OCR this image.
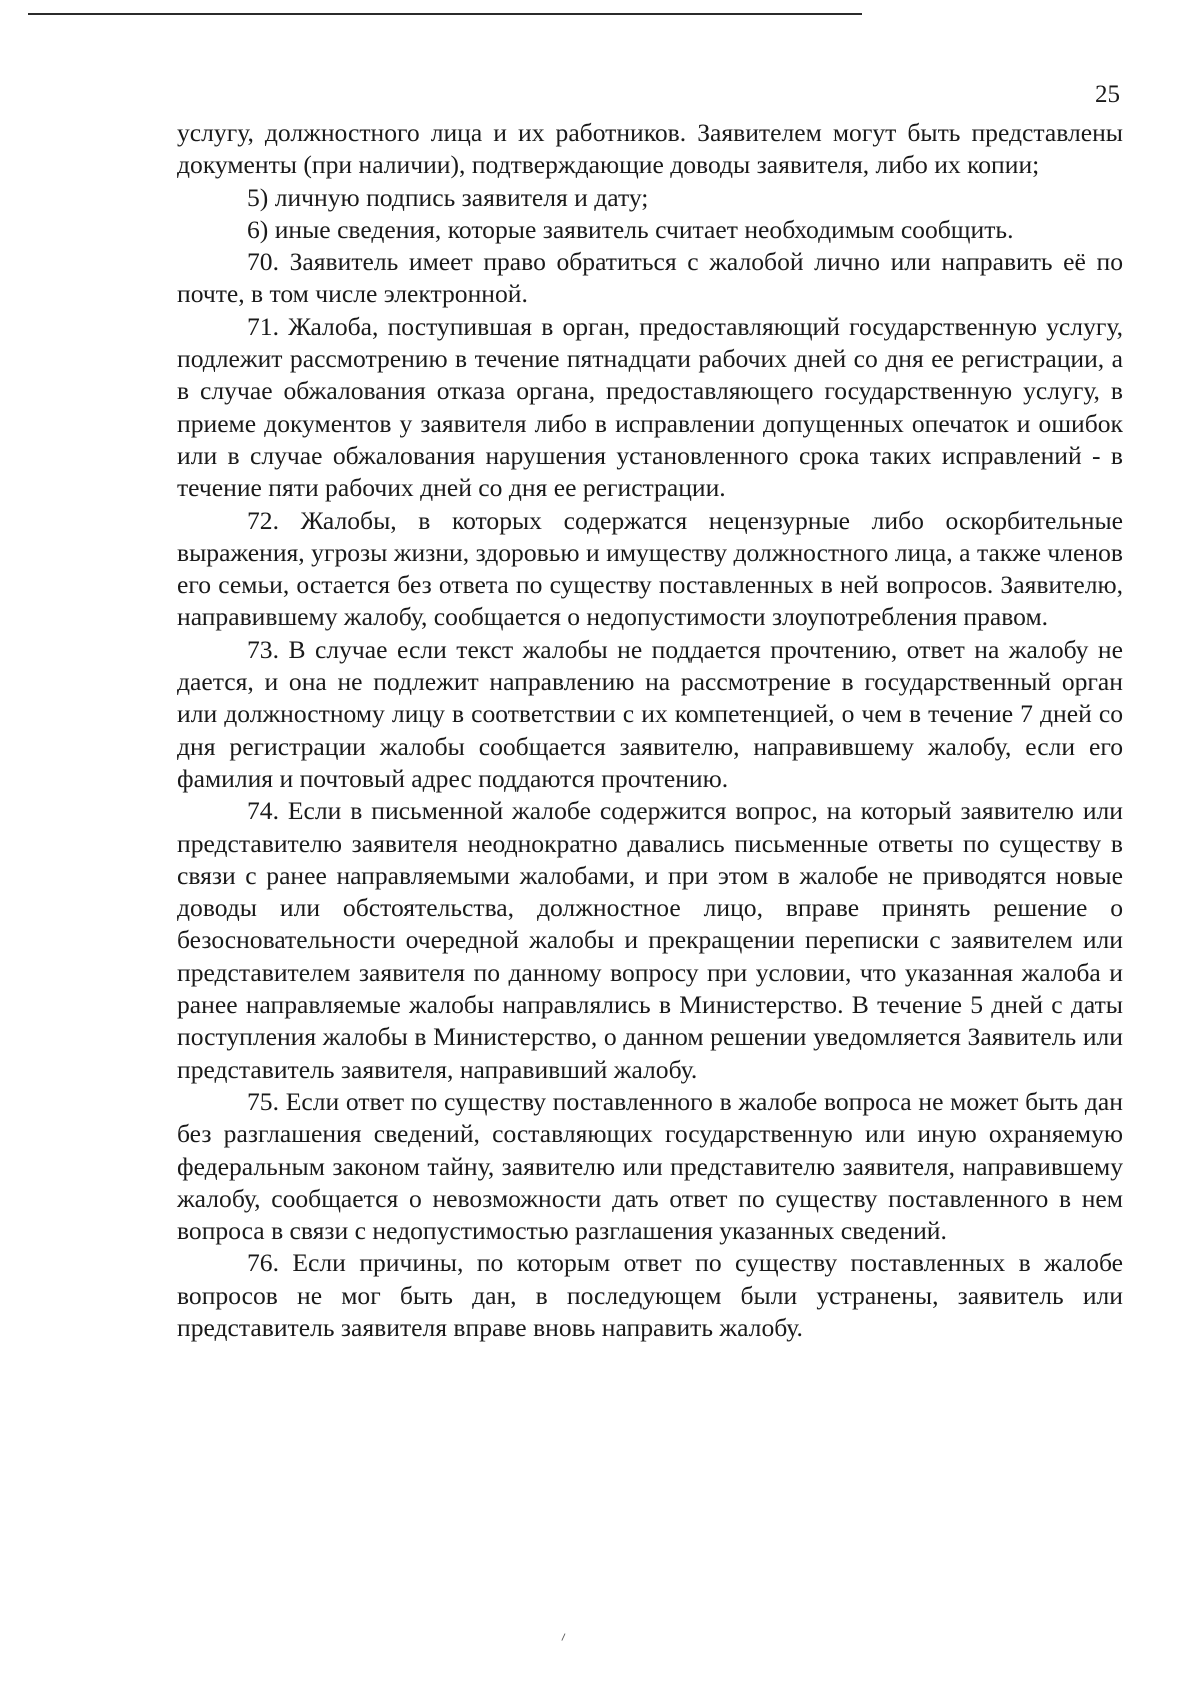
25

услугу, должностного лица и их работников. Заявителем могут быть представлены документы (при наличии), подтверждающие доводы заявителя, либо их копии;

5) личную подпись заявителя и дату;

6) иные сведения, которые заявитель считает необходимым сообщить.

70. Заявитель имеет право обратиться с жалобой лично или направить её по почте, в том числе электронной.

71. Жалоба, поступившая в орган, предоставляющий государственную услугу, подлежит рассмотрению в течение пятнадцати рабочих дней со дня ее регистрации, а в случае обжалования отказа органа, предоставляющего государственную услугу, в приеме документов у заявителя либо в исправлении допущенных опечаток и ошибок или в случае обжалования нарушения установленного срока таких исправлений - в течение пяти рабочих дней со дня ее регистрации.

72. Жалобы, в которых содержатся нецензурные либо оскорбительные выражения, угрозы жизни, здоровью и имуществу должностного лица, а также членов его семьи, остается без ответа по существу поставленных в ней вопросов. Заявителю, направившему жалобу, сообщается о недопустимости злоупотребления правом.

73. В случае если текст жалобы не поддается прочтению, ответ на жалобу не дается, и она не подлежит направлению на рассмотрение в государственный орган или должностному лицу в соответствии с их компетенцией, о чем в течение 7 дней со дня регистрации жалобы сообщается заявителю, направившему жалобу, если его фамилия и почтовый адрес поддаются прочтению.

74. Если в письменной жалобе содержится вопрос, на который заявителю или представителю заявителя неоднократно давались письменные ответы по существу в связи с ранее направляемыми жалобами, и при этом в жалобе не приводятся новые доводы или обстоятельства, должностное лицо, вправе принять решение о безосновательности очередной жалобы и прекращении переписки с заявителем или представителем заявителя по данному вопросу при условии, что указанная жалоба и ранее направляемые жалобы направлялись в Министерство. В течение 5 дней с даты поступления жалобы в Министерство, о данном решении уведомляется Заявитель или представитель заявителя, направивший жалобу.

75. Если ответ по существу поставленного в жалобе вопроса не может быть дан без разглашения сведений, составляющих государственную или иную охраняемую федеральным законом тайну, заявителю или представителю заявителя, направившему жалобу, сообщается о невозможности дать ответ по существу поставленного в нем вопроса в связи с недопустимостью разглашения указанных сведений.

76. Если причины, по которым ответ по существу поставленных в жалобе вопросов не мог быть дан, в последующем были устранены, заявитель или представитель заявителя вправе вновь направить жалобу.

⸝
